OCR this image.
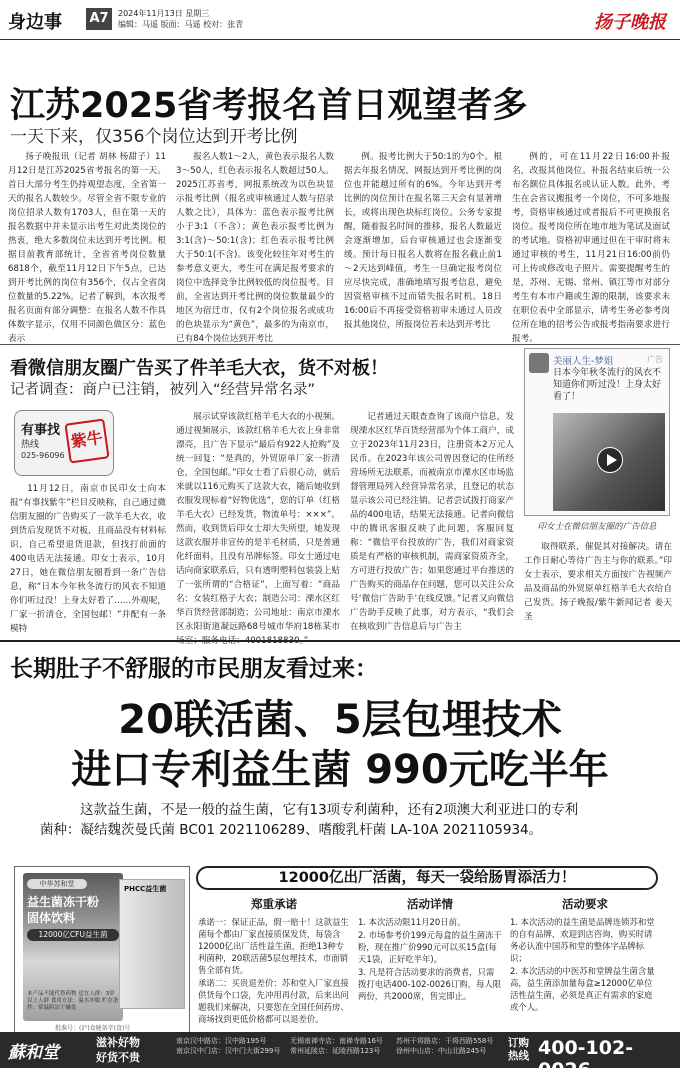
身边事 A7	2024年11月13日 星期三
编辑：马遥 版面：马遥 校对：张青	扬子晚报
江苏2025省考报名首日观望者多
一天下来，仅356个岗位达到开考比例

扬子晚报讯（记者 胡林 杨甜子）11月12日是江苏2025省考报名的第一天。首日大部分考生仍持观望态度，全省第一天的报名人数较少。尽管全省不限专业的岗位招录人数有1703人，但在第一天的报名数据中并未显示出考生对此类岗位的热衷，绝大多数岗位未达到开考比例。根据目前教育部统计，全省省考岗位数量6818个，截至11月12日下午5点，已达到开考比例的岗位有356个，仅占全省岗位数量的5.22%。记者了解到，本次报考报名页面有部分调整：在报名人数不作具体数字显示，仅用不同颜色做区分：蓝色表示

报名人数1～2人，黄色表示报名人数3～50人，红色表示报名人数超过50人。2025江苏省考，网报系统改为以色块显示报考比例（报名或审核通过人数与招录人数之比），具体为：蓝色表示报考比例小于3:1（不含）；黄色表示报考比例为3:1(含)～50:1(含)；红色表示报考比例大于50:1(不含)。该变化较往年对考生的参考意义更大，考生可在满足报考要求的岗位中选择竞争比例较低的岗位报考。目前，全省达到开考比例的岗位数量最少的地区为宿迁市，仅有2个岗位报名或成功的色块显示为“黄色”，最多的为南京市，已有84个岗位达到开考比

例。报考比例大于50:1的为0个。根据去年报名情况，网报达到开考比例的岗位也并能越过所有的6%。今年达到开考比例的岗位预计在报名第三天会有显著增长，或将出现色块标红岗位。公务专家提醒，随着报名时间的推移，报名人数最近会逐渐增加，后台审核通过也会逐渐变缓。预计每日报名人数将在报名截止前1～2天达到峰值，考生一旦确定报考岗位应尽快完成，准确地填写报考信息，避免因资格审核不过而错失报名时机。18日16:00后不再接受资格初审未通过人员改报其他岗位，所报岗位若未达到开考比

例的，可在11月22日16:00补报名，改报其他岗位。补报名结束后统一公布名额位具体报名或认证人数。此外，考生在会省议搬报考一个岗位，不可多地报考，资格审核通过或者报后不可更换报名岗位。报考岗位所在地市地为笔试及面试的考试地。资格初审通过但在干审时将未通过审核的考生，11月21日16:00前仍可上传或修改电子照片。需要提醒考生的是，苏州、无锡、常州、镇江等市对部分考生有本市户籍或生源的限制，该要求未在职位表中全部显示，请考生务必参考岗位所在地的招考公告或报考指南要求进行报考。

看微信朋友圈广告买了件羊毛大衣，货不对板！
记者调查：商户已注销，被列入“经营异常名录”
有事找
热线
025-96096
紫牛

11月12日，南京市民印女士向本报“有事找紫牛”栏目反映称，自己通过微信朋友圈的广告购买了一款羊毛大衣，收到货后发现货不对板，且商品没有材料标识，自己希望退货退款，但找打前面的400电话无法接通。印女士表示，10月27日，她在微信朋友圈看到一条广告信息，称“日本今年秋冬流行的风衣不知道你们听过没！上身太好看了……外观呢，厂家一折清仓，全国包邮！”并配有一条模特

展示试穿该款红格羊毛大衣的小视频。通过视频展示，该款红格羊毛大衣上身非常漂亮，且广告下显示“最后有922人抢购”及统一回复：“是真的，外贸原单厂家一折清仓，全国包邮。”印女士看了后很心动，就后来就以116元购买了这款大衣，随后她收到衣服发现标着“好物优选”，您的订单（红格羊毛大衣）已经发货，物流单号：×××”。然而，收到货后印女士却大失所望，她发现这款衣服并非宣传的是羊毛材质，只是普通化纤面料，且没有吊牌标签。印女士通过电话向商家联系后，只有透明塑料包装袋上贴了一张所谓的“合格证”，上面写着：“商品名：女装红格子大衣；制造公司：溧水区红华百货经营部制造；公司地址：南京市溧水区永阳街道凝远路68号城市华府18栋某市

记者通过天眼查查询了该商户信息，发现溧水区红华百货经营部为个体工商户，成立于2023年11月23日，注册资本2万元人民币。在2023年该公司曾因登记的住所经营场所无法联系，而被南京市溧水区市场监督管理局列入经营异常名录，且登记的状态显示该公司已经注销。记者尝试拨打商家产品的400电话，结果无法接通。记者向微信中的腾讯客服反映了此问题，客服回复称：“微信平台投放的广告，我们对商家资质是有严格的审核机制，需商家资质齐全，方可进行投放广告；如果您通过平台推送的广告购买的商品存在问题，您可以关注公众号‘微信广告助手’在线反馈。”记者又向微信广告助手反映了此事，对方表示，“我们会在核收到广告信息后与广告主

美丽人生-梦姐	广告
日本今年秋冬流行的风衣不知道你们听过没！上身太好看了！
印女士在微信朋友圈的广告信息

取得联系，催促其对接解决。请在工作日耐心等待广告主与你的联系。”印女士表示，要求相关方面按广告视频产品及商品的外贸原单红格羊毛大衣给自己发货。扬子晚报/紫牛新闻记者 姜天圣

长期肚子不舒服的市民朋友看过来：
20联活菌、5层包埋技术
进口专利益生菌 990元吃半年
这款益生菌，不是一般的益生菌，它有13项专利菌种，还有2项澳大利亚进口的专利
菌种：凝结魏茨曼氏菌 BC01 2021106289、嗜酸乳杆菌 LA-10A 2021105934。
中华苏和堂
益生菌冻干粉
固体饮料
12000亿CFU益生菌
本产品不能代替药物 适宜人群：3岁以上人群 食用方法：温水冲服 贮存条件：常温阴凉干燥处
PHCC益生菌
批准号：(沪)食健备字(食)号
12000亿出厂活菌，每天一袋给肠胃添活力！
郑重承诺

承诺一：保证正品，假一赔十！这款益生菌每个都由厂家直接质保发货，每袋含12000亿出厂活性益生菌，拒绝13种专利菌种，20联活菌5层包埋技术，市面销售全部有货。

承诺二：买贵退差价：苏和堂入厂家直接供货每个口袋，先冲用再付款，后来出问题我们来解决，只要您在全国任何药房、商场找到更低价格都可以退差价。

活动详情

1. 本次活动限11月20日前。

2. 市场参考价199元每盒的益生菌冻干粉，现在推广价990元可以买15盒(每天1袋，正好吃半年)。

3. 凡是符合活动要求的消费者，只需拨打电话400-102-0026订购，每人限两份，共2000席，售完即止。

活动要求

1. 本次活动的益生菌是品牌连锁苏和堂的自有品牌，欢迎到店咨询，购买时请务必认准中国苏和堂的整体字品牌标识；

2. 本次活动的中医苏和堂牌益生菌含量高，益生菌添加量每盒≥12000亿单位活性益生菌，必须是真正有需求的家庭或个人。

蘇和堂
滋补好物
好货不贵
南京汉中路店：汉中路195号
南京汉中门店：汉中门大街299号
无锡南禅寺店：南禅寺路16号
常州延陵店：延陵西路123号
苏州干将路店：干将西路558号
徐州中山店：中山北路245号
订购
热线 400-102-0026
